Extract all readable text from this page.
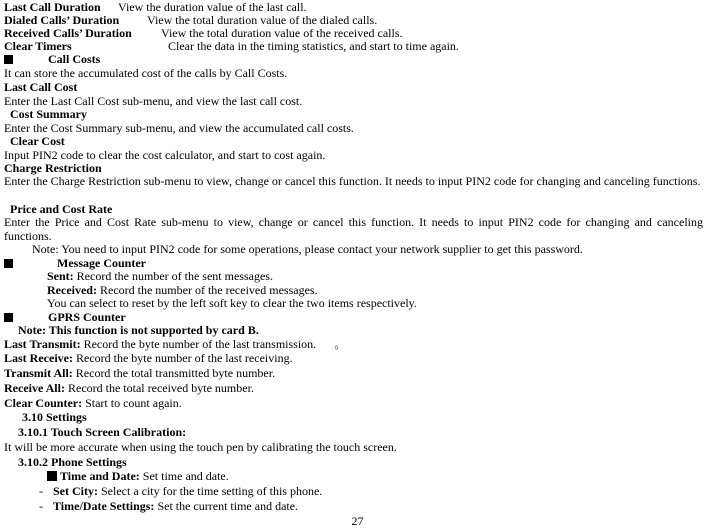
Last Call Duration View the duration value of the last call.
Dialed Calls’ Duration View the total duration value of the dialed calls.
Received Calls’ Duration View the total duration value of the received calls.
Clear Timers	Clear the data in the timing statistics, and start to time again.
Call Costs
It can store the accumulated cost of the calls by Call Costs.
Last Call Cost
Enter the Last Call Cost sub-menu, and view the last call cost.
Cost Summary
Enter the Cost Summary sub-menu, and view the accumulated call costs.
Clear Cost
Input PIN2 code to clear the cost calculator, and start to cost again.
Charge Restriction
Enter the Charge Restriction sub-menu to view, change or cancel this function. It needs to input PIN2 code for changing and canceling functions.
Price and Cost Rate
Enter the Price and Cost Rate sub-menu to view, change or cancel this function. It needs to input PIN2 code for changing and canceling functions.
Note: You need to input PIN2 code for some operations, please contact your network supplier to get this password.
Message Counter
Sent: Record the number of the sent messages.
Received: Record the number of the received messages.
You can select to reset by the left soft key to clear the two items respectively.
GPRS Counter
Note: This function is not supported by card B.
Last Transmit: Record the byte number of the last transmission. 。
Last Receive: Record the byte number of the last receiving.
Transmit All: Record the total transmitted byte number.
Receive All: Record the total received byte number.
Clear Counter: Start to count again.
3.10 Settings
3.10.1 Touch Screen Calibration:
It will be more accurate when using the touch pen by calibrating the touch screen.
3.10.2 Phone Settings
Time and Date: Set time and date.
- Set City: Select a city for the time setting of this phone.
- Time/Date Settings: Set the current time and date.
27
